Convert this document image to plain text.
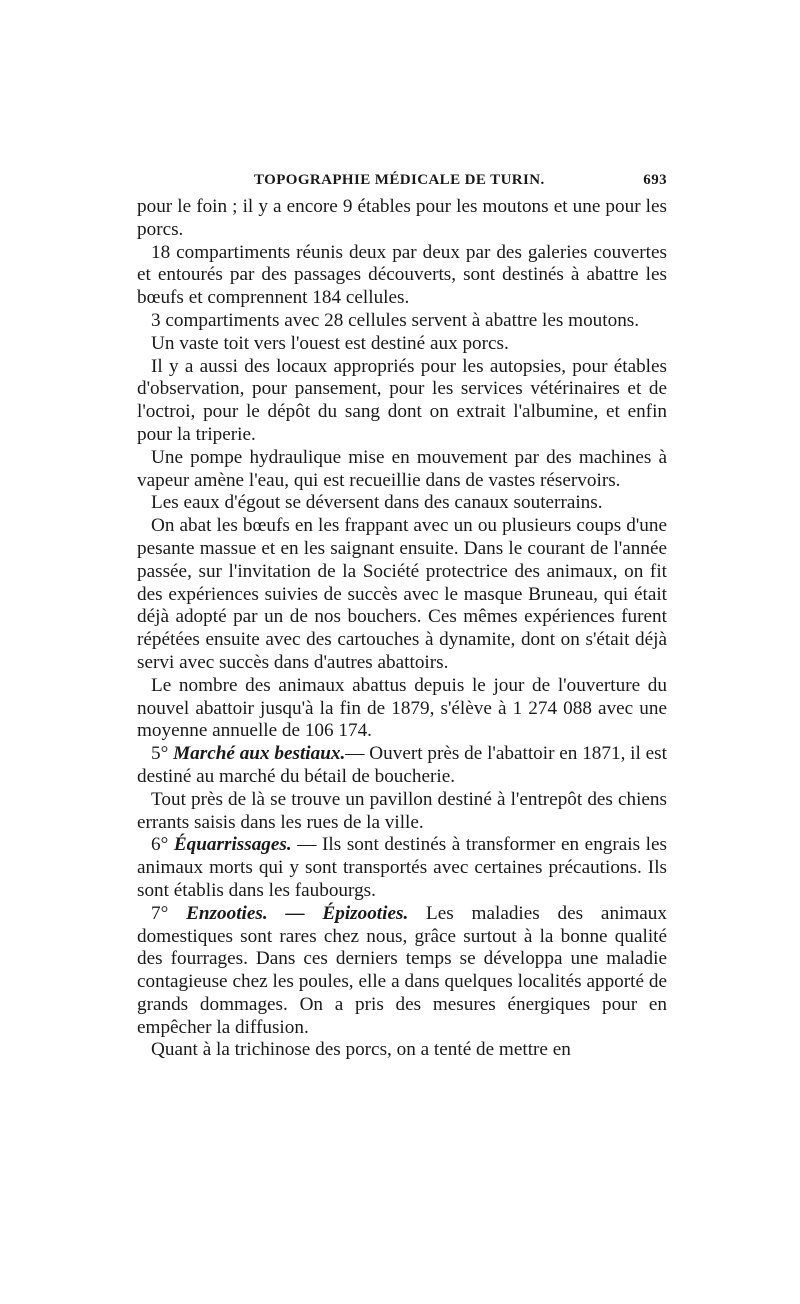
TOPOGRAPHIE MÉDICALE DE TURIN.	693

pour le foin ; il y a encore 9 étables pour les moutons et une pour les porcs.

18 compartiments réunis deux par deux par des galeries couvertes et entourés par des passages découverts, sont destinés à abattre les bœufs et comprennent 184 cellules.

3 compartiments avec 28 cellules servent à abattre les moutons.

Un vaste toit vers l'ouest est destiné aux porcs.

Il y a aussi des locaux appropriés pour les autopsies, pour étables d'observation, pour pansement, pour les services vétérinaires et de l'octroi, pour le dépôt du sang dont on extrait l'albumine, et enfin pour la triperie.

Une pompe hydraulique mise en mouvement par des machines à vapeur amène l'eau, qui est recueillie dans de vastes réservoirs.

Les eaux d'égout se déversent dans des canaux souterrains.

On abat les bœufs en les frappant avec un ou plusieurs coups d'une pesante massue et en les saignant ensuite. Dans le courant de l'année passée, sur l'invitation de la Société protectrice des animaux, on fit des expériences suivies de succès avec le masque Bruneau, qui était déjà adopté par un de nos bouchers. Ces mêmes expériences furent répétées ensuite avec des cartouches à dynamite, dont on s'était déjà servi avec succès dans d'autres abattoirs.

Le nombre des animaux abattus depuis le jour de l'ouverture du nouvel abattoir jusqu'à la fin de 1879, s'élève à 1 274 088 avec une moyenne annuelle de 106 174.

5° Marché aux bestiaux.— Ouvert près de l'abattoir en 1871, il est destiné au marché du bétail de boucherie.

Tout près de là se trouve un pavillon destiné à l'entrepôt des chiens errants saisis dans les rues de la ville.

6° Équarrissages. — Ils sont destinés à transformer en engrais les animaux morts qui y sont transportés avec certaines précautions. Ils sont établis dans les faubourgs.

7° Enzooties. — Épizooties. Les maladies des animaux domestiques sont rares chez nous, grâce surtout à la bonne qualité des fourrages. Dans ces derniers temps se développa une maladie contagieuse chez les poules, elle a dans quelques localités apporté de grands dommages. On a pris des mesures énergiques pour en empêcher la diffusion.

Quant à la trichinose des porcs, on a tenté de mettre en
